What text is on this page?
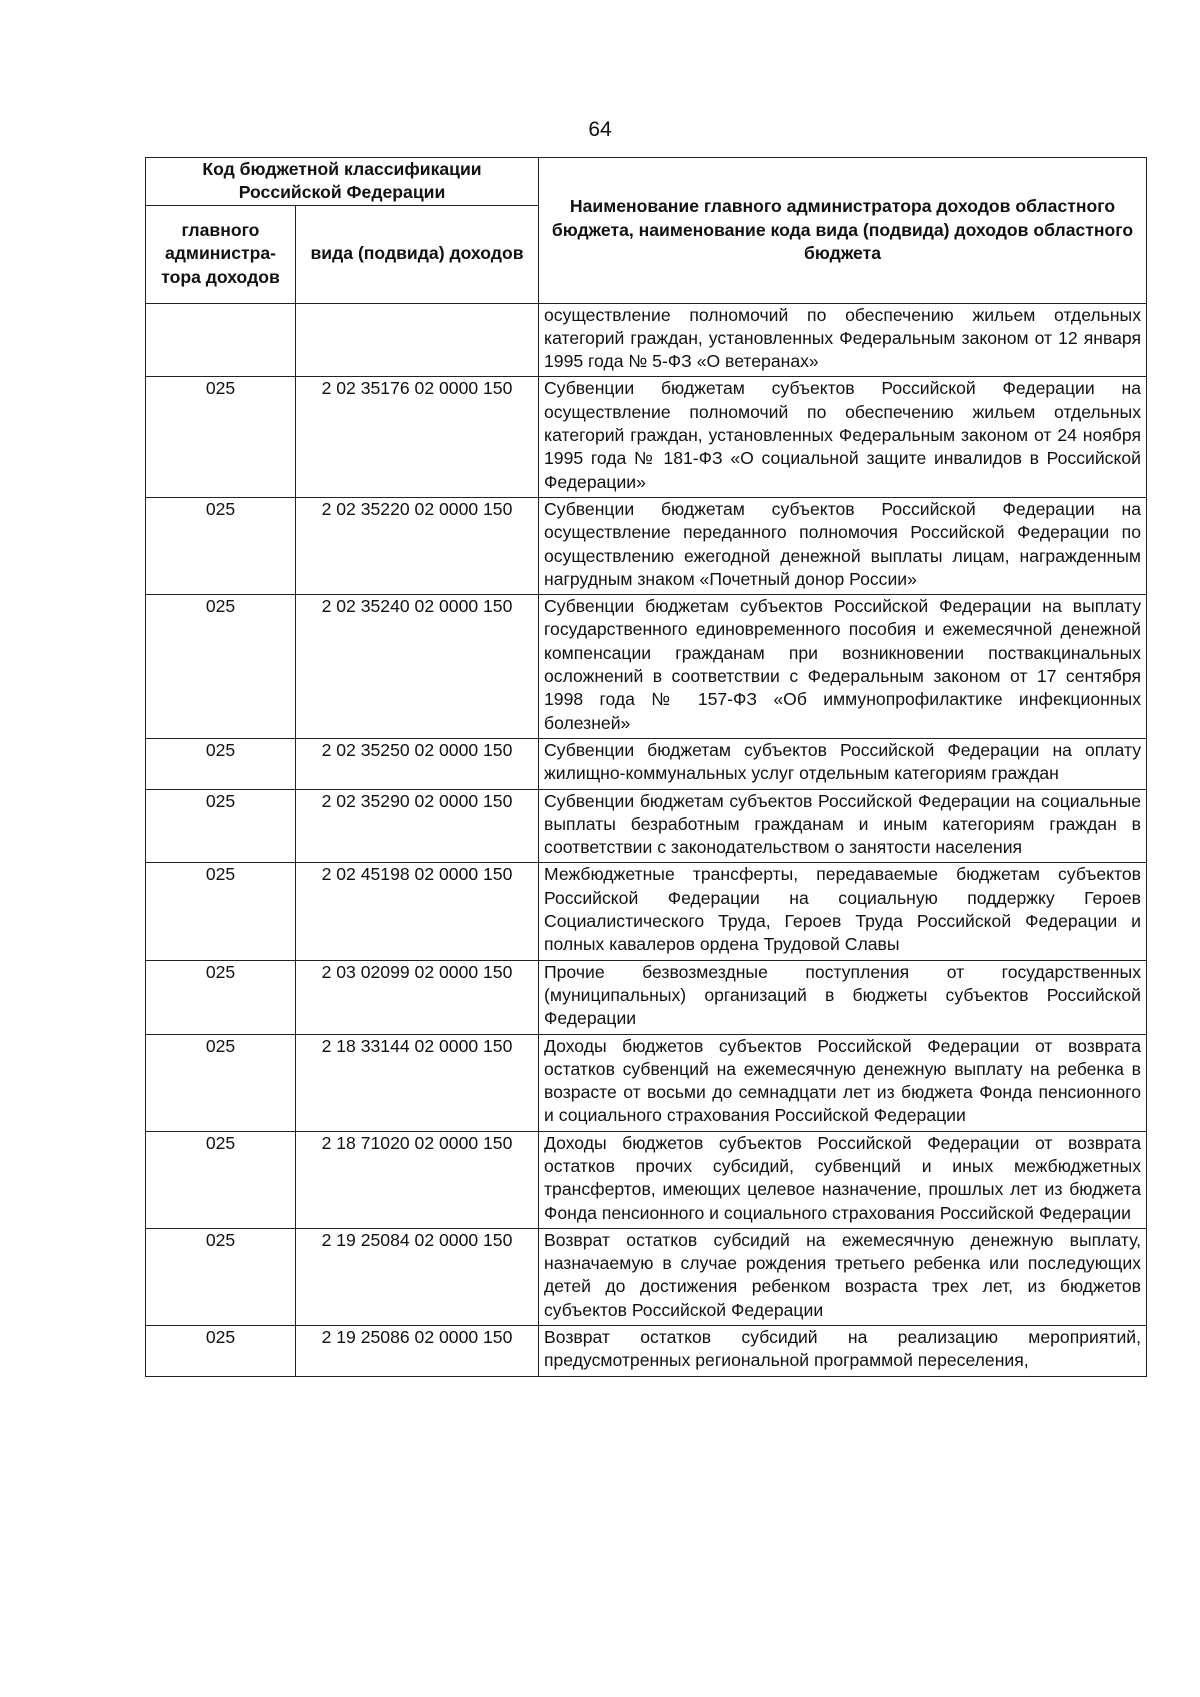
64
Код бюджетной классификации Российской Федерации		Наименование главного администратора доходов областного бюджета, наименование кода вида (подвида) доходов областного бюджета
главного администра-тора доходов	вида (подвида) доходов	
		осуществление полномочий по обеспечению жильем отдельных категорий граждан, установленных Федеральным законом от 12 января 1995 года № 5-ФЗ «О ветеранах»
025	2 02 35176 02 0000 150	Субвенции бюджетам субъектов Российской Федерации на осуществление полномочий по обеспечению жильем отдельных категорий граждан, установленных Федеральным законом от 24 ноября 1995 года № 181-ФЗ «О социальной защите инвалидов в Российской Федерации»
025	2 02 35220 02 0000 150	Субвенции бюджетам субъектов Российской Федерации на осуществление переданного полномочия Российской Федерации по осуществлению ежегодной денежной выплаты лицам, награжденным нагрудным знаком «Почетный донор России»
025	2 02 35240 02 0000 150	Субвенции бюджетам субъектов Российской Федерации на выплату государственного единовременного пособия и ежемесячной денежной компенсации гражданам при возникновении поствакцинальных осложнений в соответствии с Федеральным законом от 17 сентября 1998 года № 157-ФЗ «Об иммунопрофилактике инфекционных болезней»
025	2 02 35250 02 0000 150	Субвенции бюджетам субъектов Российской Федерации на оплату жилищно-коммунальных услуг отдельным категориям граждан
025	2 02 35290 02 0000 150	Субвенции бюджетам субъектов Российской Федерации на социальные выплаты безработным гражданам и иным категориям граждан в соответствии с законодательством о занятости населения
025	2 02 45198 02 0000 150	Межбюджетные трансферты, передаваемые бюджетам субъектов Российской Федерации на социальную поддержку Героев Социалистического Труда, Героев Труда Российской Федерации и полных кавалеров ордена Трудовой Славы
025	2 03 02099 02 0000 150	Прочие безвозмездные поступления от государственных (муниципальных) организаций в бюджеты субъектов Российской Федерации
025	2 18 33144 02 0000 150	Доходы бюджетов субъектов Российской Федерации от возврата остатков субвенций на ежемесячную денежную выплату на ребенка в возрасте от восьми до семнадцати лет из бюджета Фонда пенсионного и социального страхования Российской Федерации
025	2 18 71020 02 0000 150	Доходы бюджетов субъектов Российской Федерации от возврата остатков прочих субсидий, субвенций и иных межбюджетных трансфертов, имеющих целевое назначение, прошлых лет из бюджета Фонда пенсионного и социального страхования Российской Федерации
025	2 19 25084 02 0000 150	Возврат остатков субсидий на ежемесячную денежную выплату, назначаемую в случае рождения третьего ребенка или последующих детей до достижения ребенком возраста трех лет, из бюджетов субъектов Российской Федерации
025	2 19 25086 02 0000 150	Возврат остатков субсидий на реализацию мероприятий, предусмотренных региональной программой переселения,
